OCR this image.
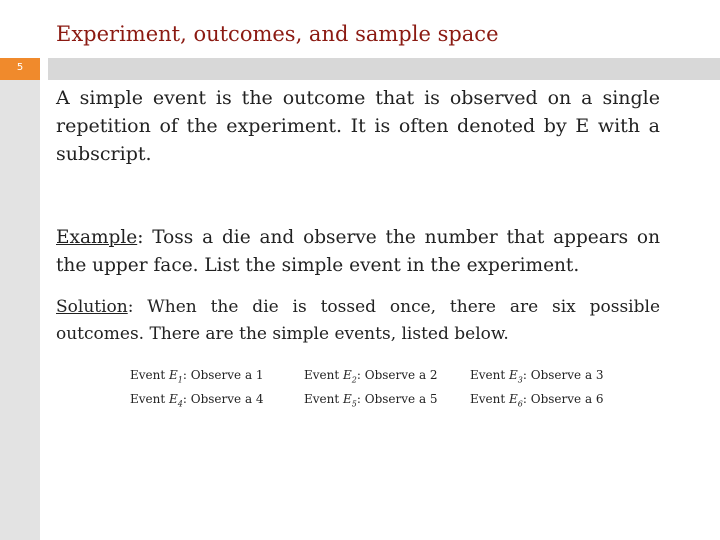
Experiment, outcomes, and sample space
5
A simple event is the outcome that is observed on a single repetition of the experiment. It is often denoted by E with a subscript.
Example: Toss a die and observe the number that appears on the upper face. List the simple event in the experiment.
Solution: When the die is tossed once, there are six possible outcomes. There are the simple events, listed below.
Event $E_1$: Observe a 1	Event $E_2$: Observe a 2	Event $E_3$: Observe a 3
Event $E_4$: Observe a 4	Event $E_5$: Observe a 5	Event $E_6$: Observe a 6
